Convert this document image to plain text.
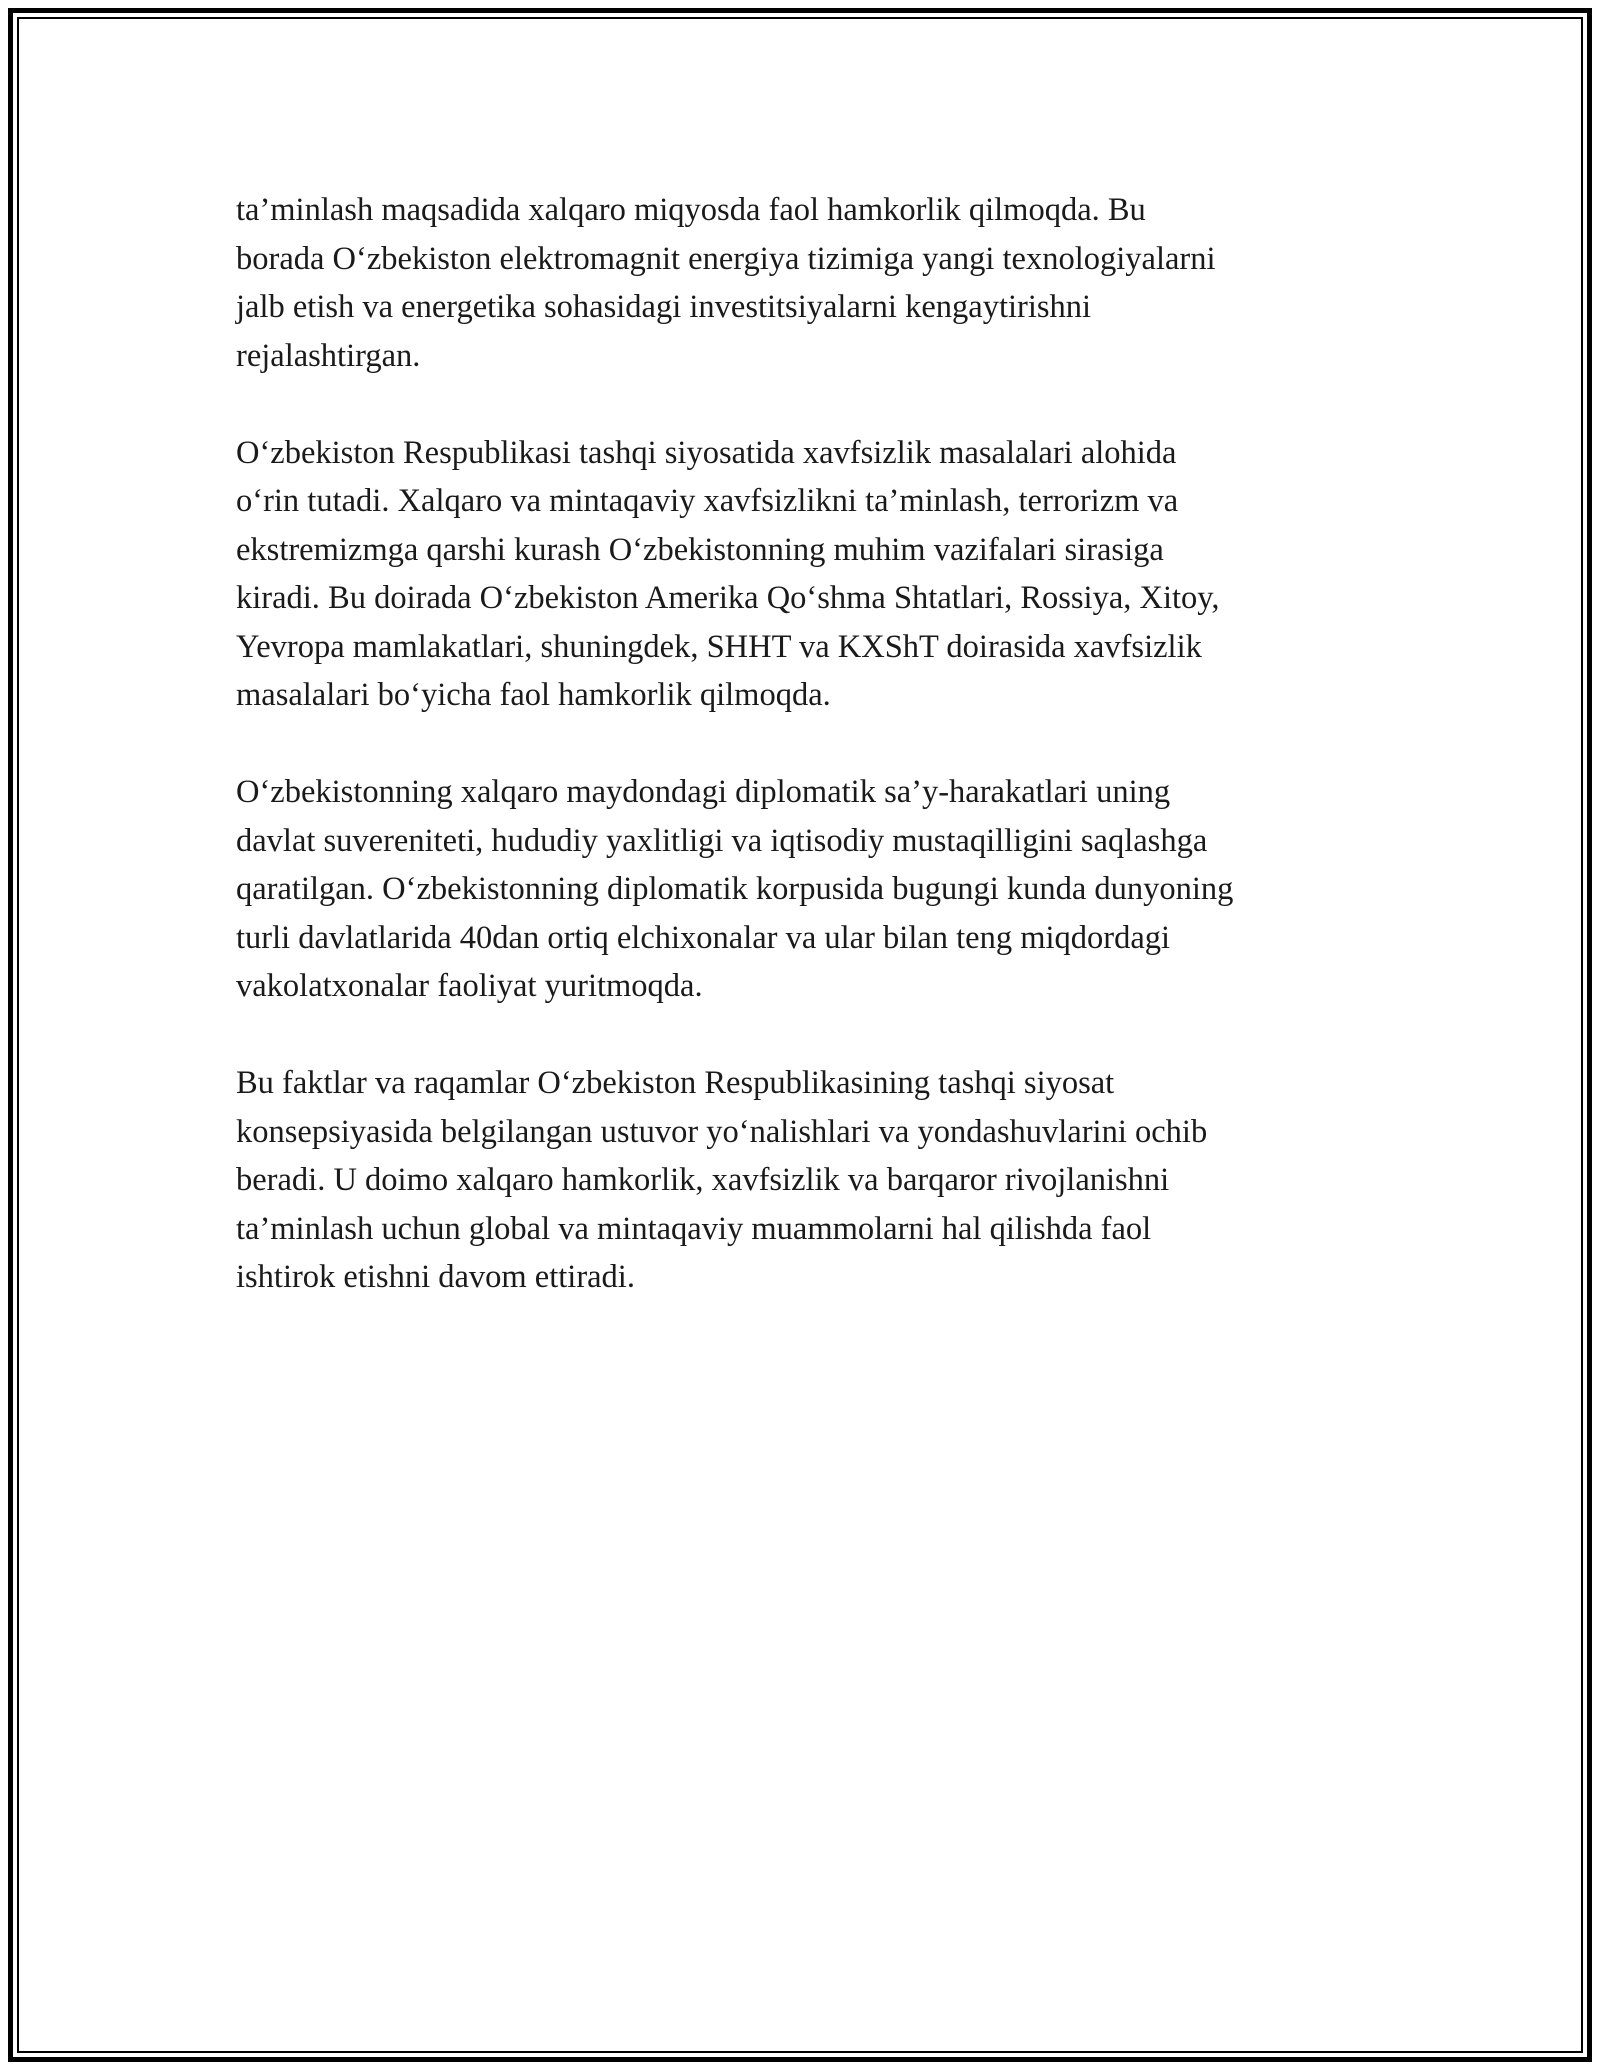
ta’minlash maqsadida xalqaro miqyosda faol hamkorlik qilmoqda. Bu
borada O‘zbekiston elektromagnit energiya tizimiga yangi texnologiyalarni
jalb etish va energetika sohasidagi investitsiyalarni kengaytirishni
rejalashtirgan.

O‘zbekiston Respublikasi tashqi siyosatida xavfsizlik masalalari alohida
o‘rin tutadi. Xalqaro va mintaqaviy xavfsizlikni ta’minlash, terrorizm va
ekstremizmga qarshi kurash O‘zbekistonning muhim vazifalari sirasiga
kiradi. Bu doirada O‘zbekiston Amerika Qo‘shma Shtatlari, Rossiya, Xitoy,
Yevropa mamlakatlari, shuningdek, SHHT va KXShT doirasida xavfsizlik
masalalari bo‘yicha faol hamkorlik qilmoqda.

O‘zbekistonning xalqaro maydondagi diplomatik sa’y-harakatlari uning
davlat suvereniteti, hududiy yaxlitligi va iqtisodiy mustaqilligini saqlashga
qaratilgan. O‘zbekistonning diplomatik korpusida bugungi kunda dunyoning
turli davlatlarida 40dan ortiq elchixonalar va ular bilan teng miqdordagi
vakolatxonalar faoliyat yuritmoqda.

Bu faktlar va raqamlar O‘zbekiston Respublikasining tashqi siyosat
konsepsiyasida belgilangan ustuvor yo‘nalishlari va yondashuvlarini ochib
beradi. U doimo xalqaro hamkorlik, xavfsizlik va barqaror rivojlanishni
ta’minlash uchun global va mintaqaviy muammolarni hal qilishda faol
ishtirok etishni davom ettiradi.
